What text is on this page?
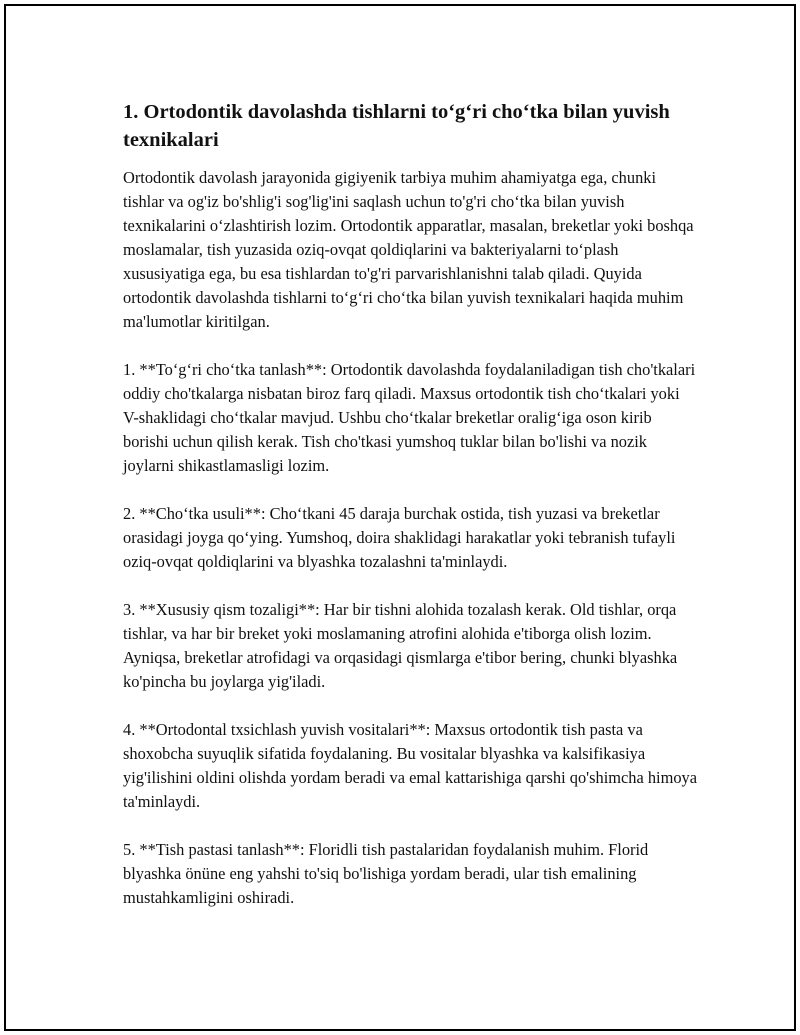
1. Ortodontik davolashda tishlarni to‘g‘ri cho‘tka bilan yuvish texnikalari

Ortodontik davolash jarayonida gigiyenik tarbiya muhim ahamiyatga ega, chunki tishlar va og'iz bo'shlig'i sog'lig'ini saqlash uchun to'g'ri cho‘tka bilan yuvish texnikalarini o‘zlashtirish lozim. Ortodontik apparatlar, masalan, breketlar yoki boshqa moslamalar, tish yuzasida oziq-ovqat qoldiqlarini va bakteriyalarni to‘plash xususiyatiga ega, bu esa tishlardan to'g'ri parvarishlanishni talab qiladi. Quyida ortodontik davolashda tishlarni to‘g‘ri cho‘tka bilan yuvish texnikalari haqida muhim ma'lumotlar kiritilgan.

1. **To‘g‘ri cho‘tka tanlash**: Ortodontik davolashda foydalaniladigan tish cho'tkalari oddiy cho'tkalarga nisbatan biroz farq qiladi. Maxsus ortodontik tish cho‘tkalari yoki V-shaklidagi cho‘tkalar mavjud. Ushbu cho‘tkalar breketlar oralig‘iga oson kirib borishi uchun qilish kerak. Tish cho'tkasi yumshoq tuklar bilan bo'lishi va nozik joylarni shikastlamasligi lozim.

2. **Cho‘tka usuli**: Cho‘tkani 45 daraja burchak ostida, tish yuzasi va breketlar orasidagi joyga qo‘ying. Yumshoq, doira shaklidagi harakatlar yoki tebranish tufayli oziq-ovqat qoldiqlarini va blyashka tozalashni ta'minlaydi.

3. **Xususiy qism tozaligi**: Har bir tishni alohida tozalash kerak. Old tishlar, orqa tishlar, va har bir breket yoki moslamaning atrofini alohida e'tiborga olish lozim. Ayniqsa, breketlar atrofidagi va orqasidagi qismlarga e'tibor bering, chunki blyashka ko'pincha bu joylarga yig'iladi.

4. **Ortodontal txsichlash yuvish vositalari**: Maxsus ortodontik tish pasta va shoxobcha suyuqlik sifatida foydalaning. Bu vositalar blyashka va kalsifikasiya yig'ilishini oldini olishda yordam beradi va emal kattarishiga qarshi qo'shimcha himoya ta'minlaydi.

5. **Tish pastasi tanlash**: Floridli tish pastalaridan foydalanish muhim. Florid blyashka önüne eng yahshi to'siq bo'lishiga yordam beradi, ular tish emalining mustahkamligini oshiradi.
